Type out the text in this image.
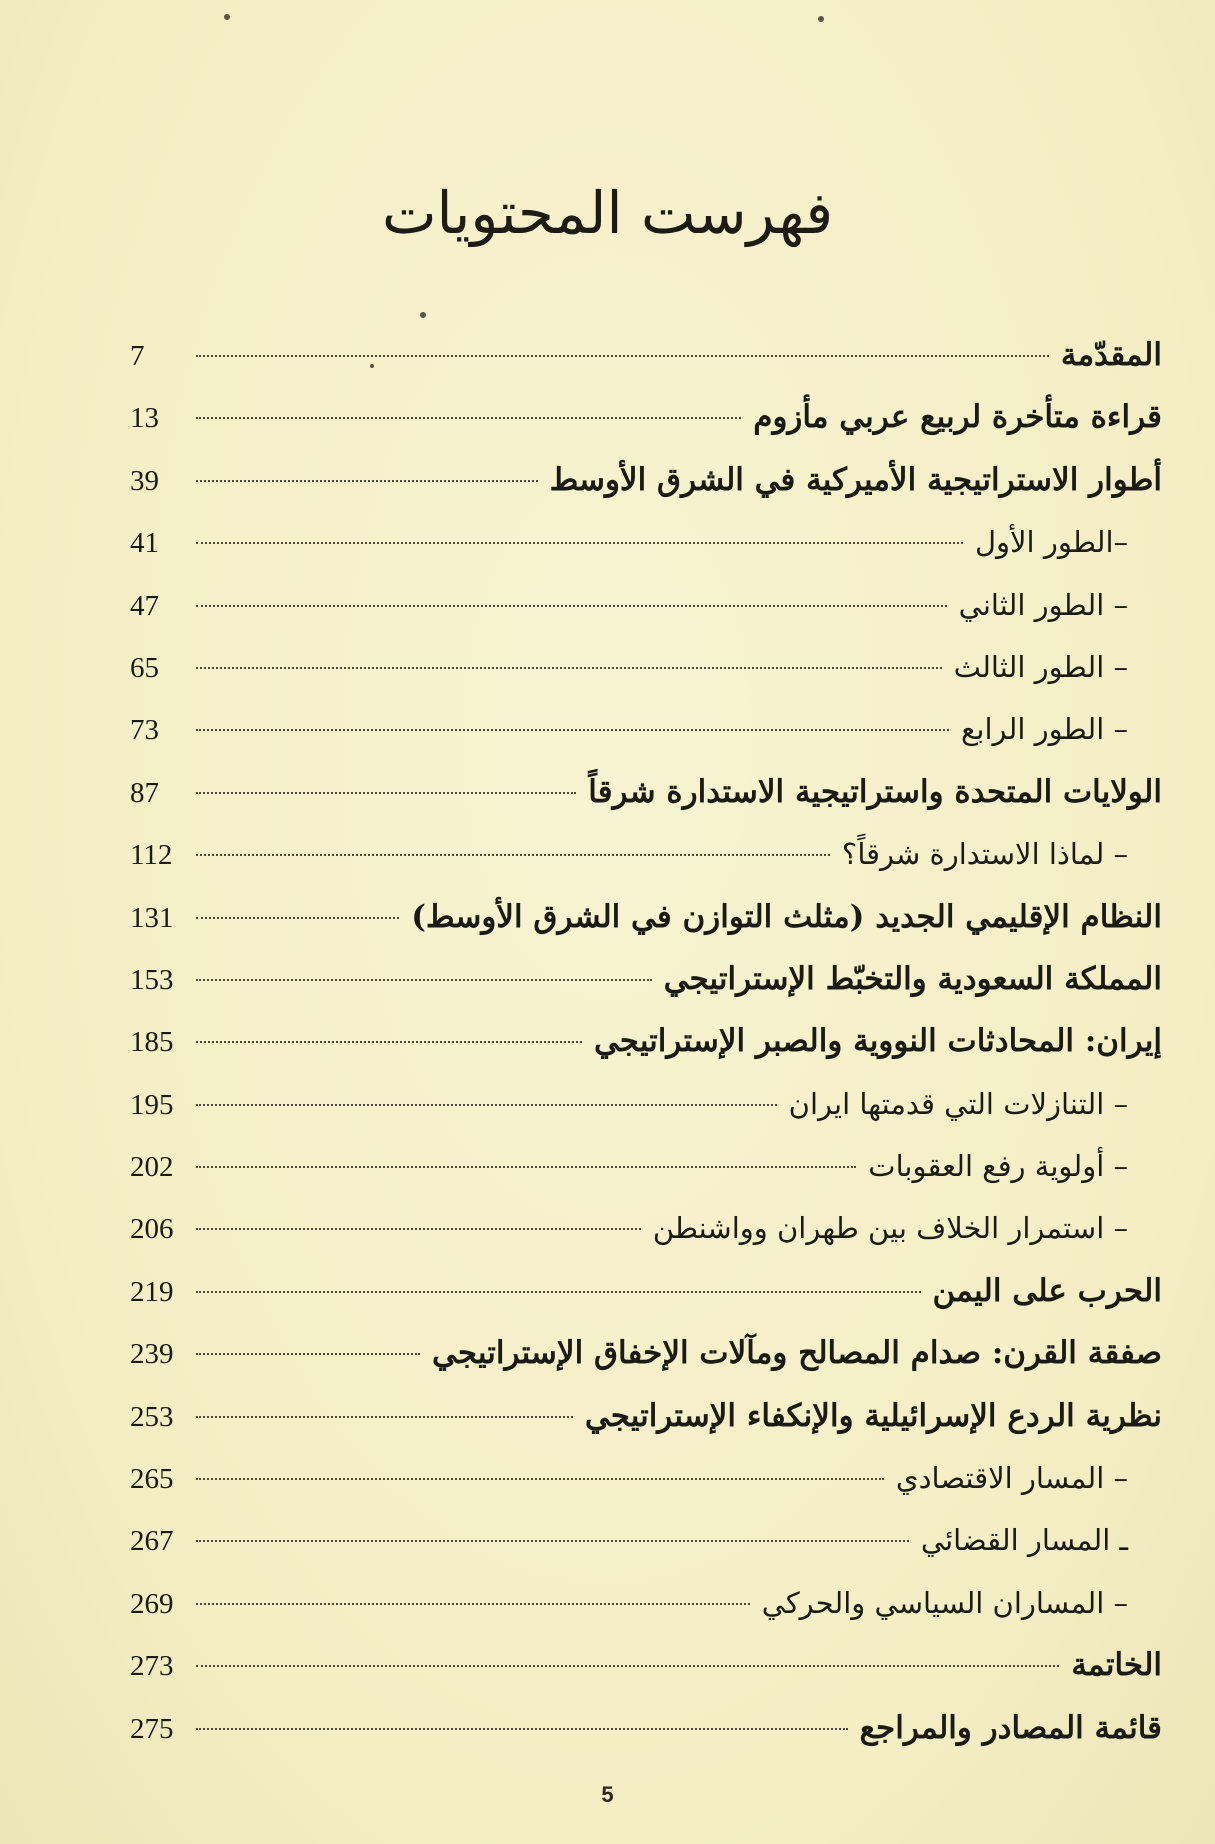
فهرست المحتويات
المقدّمة
7
قراءة متأخرة لربيع عربي مأزوم
13
أطوار الاستراتيجية الأميركية في الشرق الأوسط
39
–الطور الأول
41
– الطور الثاني
47
– الطور الثالث
65
– الطور الرابع
73
الولايات المتحدة واستراتيجية الاستدارة شرقاً
87
– لماذا الاستدارة شرقاً؟
112
النظام الإقليمي الجديد (مثلث التوازن في الشرق الأوسط)
131
المملكة السعودية والتخبّط الإستراتيجي
153
إيران: المحادثات النووية والصبر الإستراتيجي
185
– التنازلات التي قدمتها ايران
195
– أولوية رفع العقوبات
202
– استمرار الخلاف بين طهران وواشنطن
206
الحرب على اليمن
219
صفقة القرن: صدام المصالح ومآلات الإخفاق الإستراتيجي
239
نظرية الردع الإسرائيلية والإنكفاء الإستراتيجي
253
– المسار الاقتصادي
265
ـ المسار القضائي
267
– المساران السياسي والحركي
269
الخاتمة
273
قائمة المصادر والمراجع
275
5
